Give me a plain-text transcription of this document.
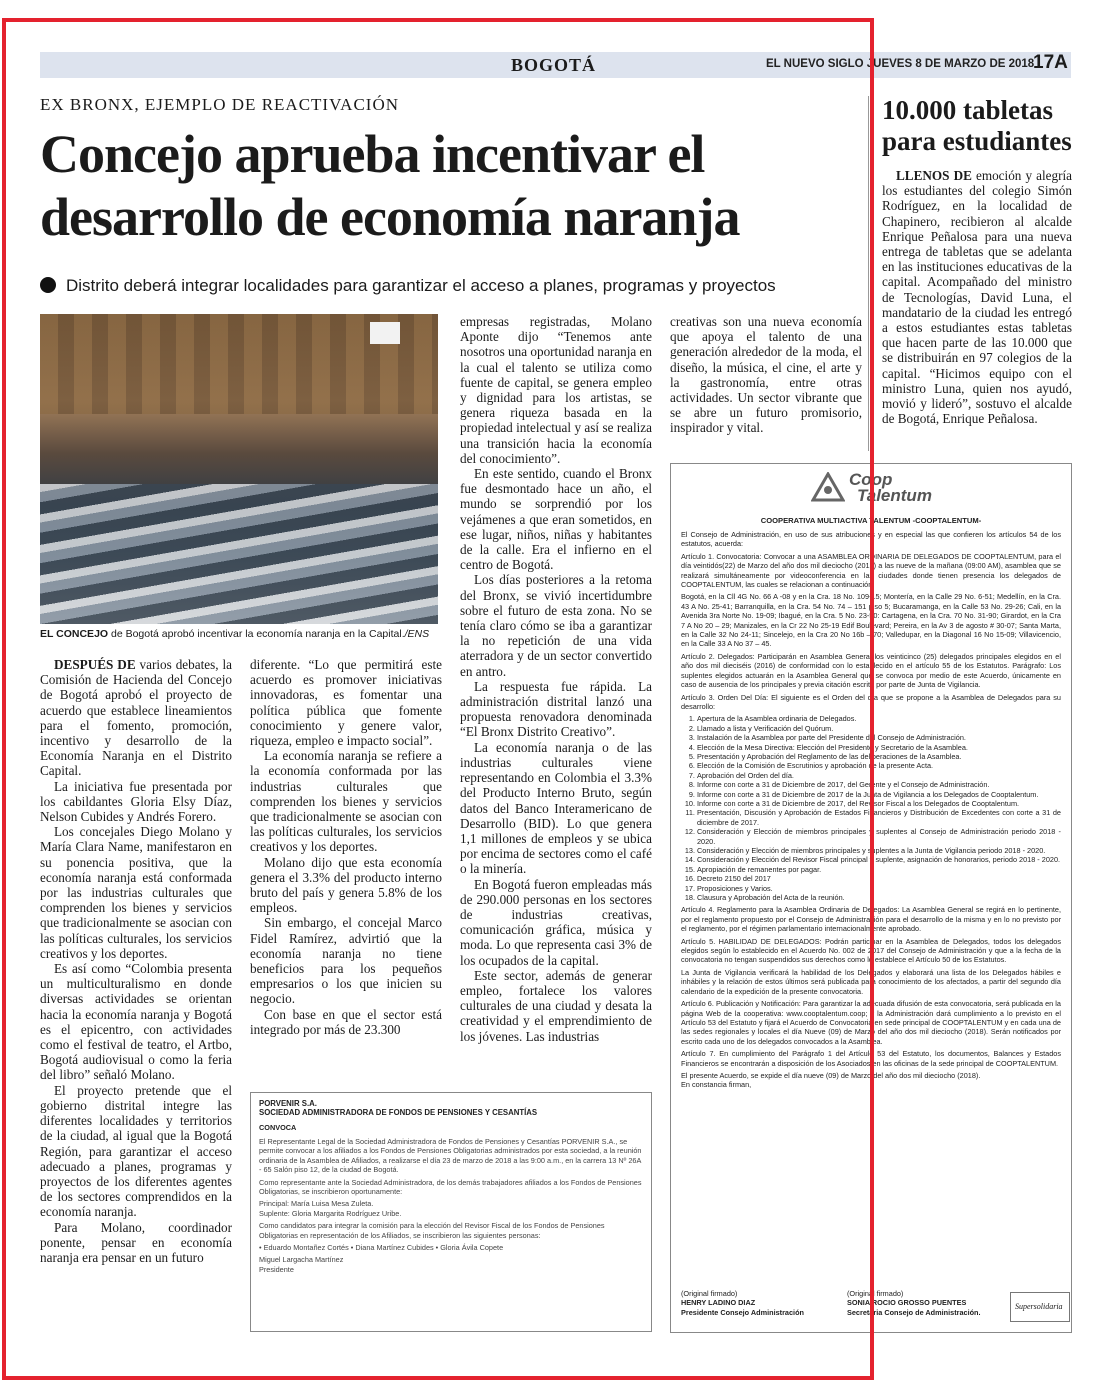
BOGOTÁ	EL NUEVO SIGLO JUEVES 8 DE MARZO DE 2018
17A
EX BRONX, EJEMPLO DE REACTIVACIÓN
Concejo aprueba incentivar el desarrollo de economía naranja
Distrito deberá integrar localidades para garantizar el acceso a planes, programas y proyectos
EL CONCEJO de Bogotá aprobó incentivar la economía naranja en la Capital./ENS

DESPUÉS DE varios debates, la Comisión de Hacienda del Concejo de Bogotá aprobó el proyecto de acuerdo que establece lineamientos para el fomento, promoción, incentivo y desarrollo de la Economía Naranja en el Distrito Capital.

La iniciativa fue presentada por los cabildantes Gloria Elsy Díaz, Nelson Cubides y Andrés Forero.

Los concejales Diego Molano y María Clara Name, manifestaron en su ponencia positiva, que la economía naranja está conformada por las industrias culturales que comprenden los bienes y servicios que tradicionalmente se asocian con las políticas culturales, los servicios creativos y los deportes.

Es así como “Colombia presenta un multiculturalismo en donde diversas actividades se orientan hacia la economía naranja y Bogotá es el epicentro, con actividades como el festival de teatro, el Artbo, Bogotá audiovisual o como la feria del libro” señaló Molano.

El proyecto pretende que el gobierno distrital integre las diferentes localidades y territorios de la ciudad, al igual que la Bogotá Región, para garantizar el acceso adecuado a planes, programas y proyectos de los diferentes agentes de los sectores comprendidos en la economía naranja.

Para Molano, coordinador ponente, pensar en economía naranja era pensar en un futuro

diferente. “Lo que permitirá este acuerdo es promover iniciativas innovadoras, es fomentar una política pública que fomente conocimiento y genere valor, riqueza, empleo e impacto social”.

La economía naranja se refiere a la economía conformada por las industrias culturales que comprenden los bienes y servicios que tradicionalmente se asocian con las políticas culturales, los servicios creativos y los deportes.

Molano dijo que esta economía genera el 3.3% del producto interno bruto del país y genera 5.8% de los empleos.

Sin embargo, el concejal Marco Fidel Ramírez, advirtió que la economía naranja no tiene beneficios para los pequeños empresarios o los que inicien su negocio.

Con base en que el sector está integrado por más de 23.300

empresas registradas, Molano Aponte dijo “Tenemos ante nosotros una oportunidad naranja en la cual el talento se utiliza como fuente de capital, se genera empleo y dignidad para los artistas, se genera riqueza basada en la propiedad intelectual y así se realiza una transición hacia la economía del conocimiento”.

En este sentido, cuando el Bronx fue desmontado hace un año, el mundo se sorprendió por los vejámenes a que eran sometidos, en ese lugar, niños, niñas y habitantes de la calle. Era el infierno en el centro de Bogotá.

Los días posteriores a la retoma del Bronx, se vivió incertidumbre sobre el futuro de esta zona. No se tenía claro cómo se iba a garantizar la no repetición de una vida aterradora y de un sector convertido en antro.

La respuesta fue rápida. La administración distrital lanzó una propuesta renovadora denominada “El Bronx Distrito Creativo”.

La economía naranja o de las industrias culturales viene representando en Colombia el 3.3% del Producto Interno Bruto, según datos del Banco Interamericano de Desarrollo (BID). Lo que genera 1,1 millones de empleos y se ubica por encima de sectores como el café o la minería.

En Bogotá fueron empleadas más de 290.000 personas en los sectores de industrias creativas, comunicación gráfica, música y moda. Lo que representa casi 3% de los ocupados de la capital.

Este sector, además de generar empleo, fortalece los valores culturales de una ciudad y desata la creatividad y el emprendimiento de los jóvenes. Las industrias

creativas son una nueva economía que apoya el talento de una generación alrededor de la moda, el diseño, la música, el cine, el arte y la gastronomía, entre otras actividades. Un sector vibrante que se abre un futuro promisorio, inspirador y vital.

10.000 tabletas para estudiantes

LLENOS DE emoción y alegría los estudiantes del colegio Simón Rodríguez, en la localidad de Chapinero, recibieron al alcalde Enrique Peñalosa para una nueva entrega de tabletas que se adelanta en las instituciones educativas de la capital. Acompañado del ministro de Tecnologías, David Luna, el mandatario de la ciudad les entregó a estos estudiantes estas tabletas que hacen parte de las 10.000 que se distribuirán en 97 colegios de la capital. “Hicimos equipo con el ministro Luna, quien nos ayudó, movió y lideró”, sostuvo el alcalde de Bogotá, Enrique Peñalosa.

Coop
Talentum
COOPERATIVA MULTIACTIVA TALENTUM -COOPTALENTUM-

El Consejo de Administración, en uso de sus atribuciones y en especial las que confieren los artículos 54 de los estatutos, acuerda:

Artículo 1. Convocatoria: Convocar a una ASAMBLEA ORDINARIA DE DELEGADOS DE COOPTALENTUM, para el día veintidós(22) de Marzo del año dos mil dieciocho (2018) a las nueve de la mañana (09:00 AM), asamblea que se realizará simultáneamente por videoconferencia en las ciudades donde tienen presencia los delegados de COOPTALENTUM, las cuales se relacionan a continuación:

Bogotá, en la Cll 4G No. 66 A -08 y en la Cra. 18 No. 109-15; Montería, en la Calle 29 No. 6-51; Medellín, en la Cra. 43 A No. 25-41; Barranquilla, en la Cra. 54 No. 74 – 151 piso 5; Bucaramanga, en la Calle 53 No. 29-26; Cali, en la Avenida 3ra Norte No. 19-09; Ibagué, en la Cra. 5 No. 23-50: Cartagena, en la Cra. 70 No. 31-90; Girardot, en la Cra 7 A No 20 – 29; Manizales, en la Cr 22 No 25-19 Edif Boulevard; Pereira, en la Av 3 de agosto # 30-07; Santa Marta, en la Calle 32 No 24-11; Sincelejo, en la Cra 20 No 16b – 70; Valledupar, en la Diagonal 16 No 15-09; Villavicencio, en la Calle 33 A No 37 – 45.

Artículo 2. Delegados: Participarán en Asamblea General los veinticinco (25) delegados principales elegidos en el año dos mil dieciséis (2016) de conformidad con lo establecido en el artículo 55 de los Estatutos. Parágrafo: Los suplentes elegidos actuarán en la Asamblea General que se convoca por medio de este Acuerdo, únicamente en caso de ausencia de los principales y previa citación escrita por parte de Junta de Vigilancia.

Artículo 3. Orden Del Día: El siguiente es el Orden del día que se propone a la Asamblea de Delegados para su desarrollo:

1. Apertura de la Asamblea ordinaria de Delegados.
2. Llamado a lista y Verificación del Quórum.
3. Instalación de la Asamblea por parte del Presidente del Consejo de Administración.
4. Elección de la Mesa Directiva: Elección del Presidente y Secretario de la Asamblea.
5. Presentación y Aprobación del Reglamento de las deliberaciones de la Asamblea.
6. Elección de la Comisión de Escrutinios y aprobación de la presente Acta.
7. Aprobación del Orden del día.
8. Informe con corte a 31 de Diciembre de 2017, del Gerente y el Consejo de Administración.
9. Informe con corte a 31 de Diciembre de 2017 de la Junta de Vigilancia a los Delegados de Cooptalentum.
10. Informe con corte a 31 de Diciembre de 2017, del Revisor Fiscal a los Delegados de Cooptalentum.
11. Presentación, Discusión y Aprobación de Estados Financieros y Distribución de Excedentes con corte a 31 de diciembre de 2017.
12. Consideración y Elección de miembros principales y suplentes al Consejo de Administración periodo 2018 - 2020.
13. Consideración y Elección de miembros principales y suplentes a la Junta de Vigilancia periodo 2018 - 2020.
14. Consideración y Elección del Revisor Fiscal principal y suplente, asignación de honorarios, periodo 2018 - 2020.
15. Apropiación de remanentes por pagar.
16. Decreto 2150 del 2017
17. Proposiciones y Varios.
18. Clausura y Aprobación del Acta de la reunión.

Artículo 4. Reglamento para la Asamblea Ordinaria de Delegados: La Asamblea General se regirá en lo pertinente, por el reglamento propuesto por el Consejo de Administración para el desarrollo de la misma y en lo no previsto por el reglamento, por el régimen parlamentario internacionalmente aprobado.

Artículo 5. HABILIDAD DE DELEGADOS: Podrán participar en la Asamblea de Delegados, todos los delegados elegidos según lo establecido en el Acuerdo No. 002 de 2017 del Consejo de Administración y que a la fecha de la convocatoria no tengan suspendidos sus derechos como lo establece el Artículo 50 de los Estatutos.

La Junta de Vigilancia verificará la habilidad de los Delegados y elaborará una lista de los Delegados hábiles e inhábiles y la relación de estos últimos será publicada para conocimiento de los afectados, a partir del segundo día calendario de la expedición de la presente convocatoria.

Artículo 6. Publicación y Notificación: Para garantizar la adecuada difusión de esta convocatoria, será publicada en la página Web de la cooperativa: www.cooptalentum.coop; y la Administración dará cumplimiento a lo previsto en el Artículo 53 del Estatuto y fijará el Acuerdo de Convocatoria en sede principal de COOPTALENTUM y en cada una de las sedes regionales y locales el día Nueve (09) de Marzo del año dos mil dieciocho (2018). Serán notificados por escrito cada uno de los delegados convocados a la Asamblea.

Artículo 7. En cumplimiento del Parágrafo 1 del Artículo 53 del Estatuto, los documentos, Balances y Estados Financieros se encontrarán a disposición de los Asociados en las oficinas de la sede principal de COOPTALENTUM.

El presente Acuerdo, se expide el día nueve (09) de Marzo del año dos mil dieciocho (2018).

En constancia firman,

(Original firmado)
HENRY LADINO DIAZ
Presidente Consejo Administración
(Original firmado)
SONIA ROCIO GROSSO PUENTES
Secretaria Consejo de Administración.
Supersolidaria
PORVENIR S.A.
SOCIEDAD ADMINISTRADORA DE FONDOS DE PENSIONES Y CESANTÍAS
CONVOCA

El Representante Legal de la Sociedad Administradora de Fondos de Pensiones y Cesantías PORVENIR S.A., se permite convocar a los afiliados a los Fondos de Pensiones Obligatorias administrados por esta sociedad, a la reunión ordinaria de la Asamblea de Afiliados, a realizarse el día 23 de marzo de 2018 a las 9:00 a.m., en la carrera 13 Nº 26A - 65 Salón piso 12, de la ciudad de Bogotá.

Como representante ante la Sociedad Administradora, de los demás trabajadores afiliados a los Fondos de Pensiones Obligatorias, se inscribieron oportunamente:

Principal: María Luisa Mesa Zuleta.

Suplente: Gloria Margarita Rodríguez Uribe.

Como candidatos para integrar la comisión para la elección del Revisor Fiscal de los Fondos de Pensiones Obligatorias en representación de los Afiliados, se inscribieron las siguientes personas:

• Eduardo Montañez Cortés • Diana Martínez Cubides • Gloria Ávila Copete

Miguel Largacha Martínez

Presidente
